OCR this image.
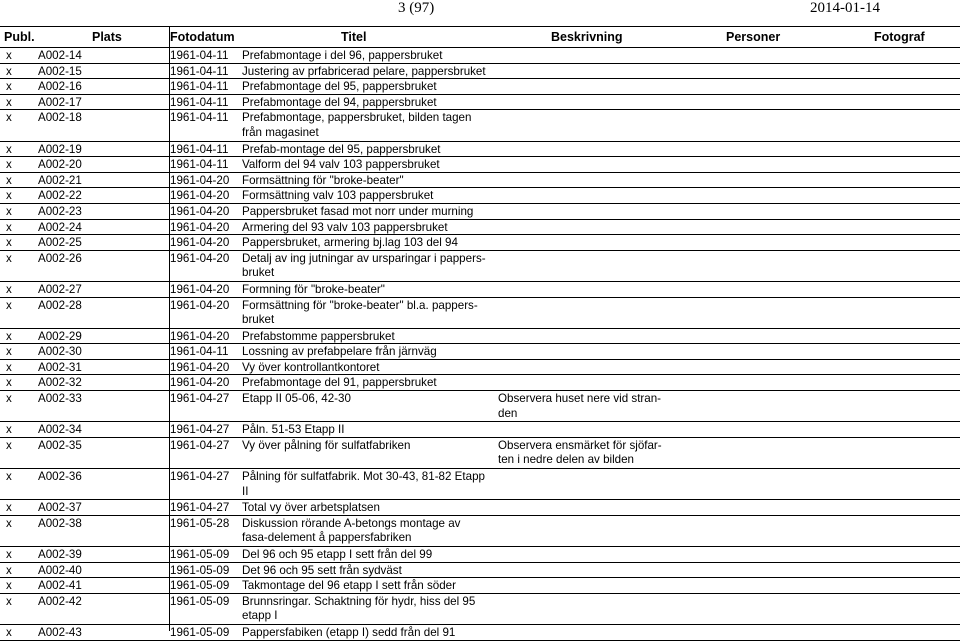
3 (97)	2014-01-14
Publ.	Plats	Fotodatum	Titel	Beskrivning	Personer	Fotograf
x A002-14	1961-04-11 Prefabmontage i del 96, pappersbruket
x A002-15	1961-04-11 Justering av prfabricerad pelare, pappersbruket
x A002-16	1961-04-11 Prefabmontage del 95, pappersbruket
x A002-17	1961-04-11 Prefabmontage del 94, pappersbruket
x A002-18	1961-04-11 Prefabmontage, pappersbruket, bilden tagen från magasinet
x A002-19	1961-04-11 Prefab-montage del 95, pappersbruket
x A002-20	1961-04-11 Valform del 94 valv 103 pappersbruket
x A002-21	1961-04-20 Formsättning för "broke-beater"
x A002-22	1961-04-20 Formsättning valv 103 pappersbruket
x A002-23	1961-04-20 Pappersbruket fasad mot norr under murning
x A002-24	1961-04-20 Armering del 93 valv 103 pappersbruket
x A002-25	1961-04-20 Pappersbruket, armering bj.lag 103 del 94
x A002-26	1961-04-20 Detalj av ing jutningar av ursparingar i pappers-bruket
x A002-27	1961-04-20 Formning för "broke-beater"
x A002-28	1961-04-20 Formsättning för "broke-beater" bl.a. pappers-bruket
x A002-29	1961-04-20 Prefabstomme pappersbruket
x A002-30	1961-04-11 Lossning av prefabpelare från järnväg
x A002-31	1961-04-20 Vy över kontrollantkontoret
x A002-32	1961-04-20 Prefabmontage del 91, pappersbruket
x A002-33	1961-04-27 Etapp II 05-06, 42-30	Observera huset nere vid stran-den
x A002-34	1961-04-27 Påln. 51-53 Etapp II
x A002-35	1961-04-27 Vy över pålning för sulfatfabriken	Observera ensmärket för sjöfar-ten i nedre delen av bilden
x A002-36	1961-04-27 Pålning för sulfatfabrik. Mot 30-43, 81-82 Etapp II
x A002-37	1961-04-27 Total vy över arbetsplatsen
x A002-38	1961-05-28 Diskussion rörande A-betongs montage av fasa-delement å pappersfabriken
x A002-39	1961-05-09 Del 96 och 95 etapp I sett från del 99
x A002-40	1961-05-09 Det 96 och 95 sett från sydväst
x A002-41	1961-05-09 Takmontage del 96 etapp I sett från söder
x A002-42	1961-05-09 Brunnsringar. Schaktning för hydr, hiss del 95 etapp I
x A002-43	1961-05-09 Pappersfabiken (etapp I) sedd från del 91
